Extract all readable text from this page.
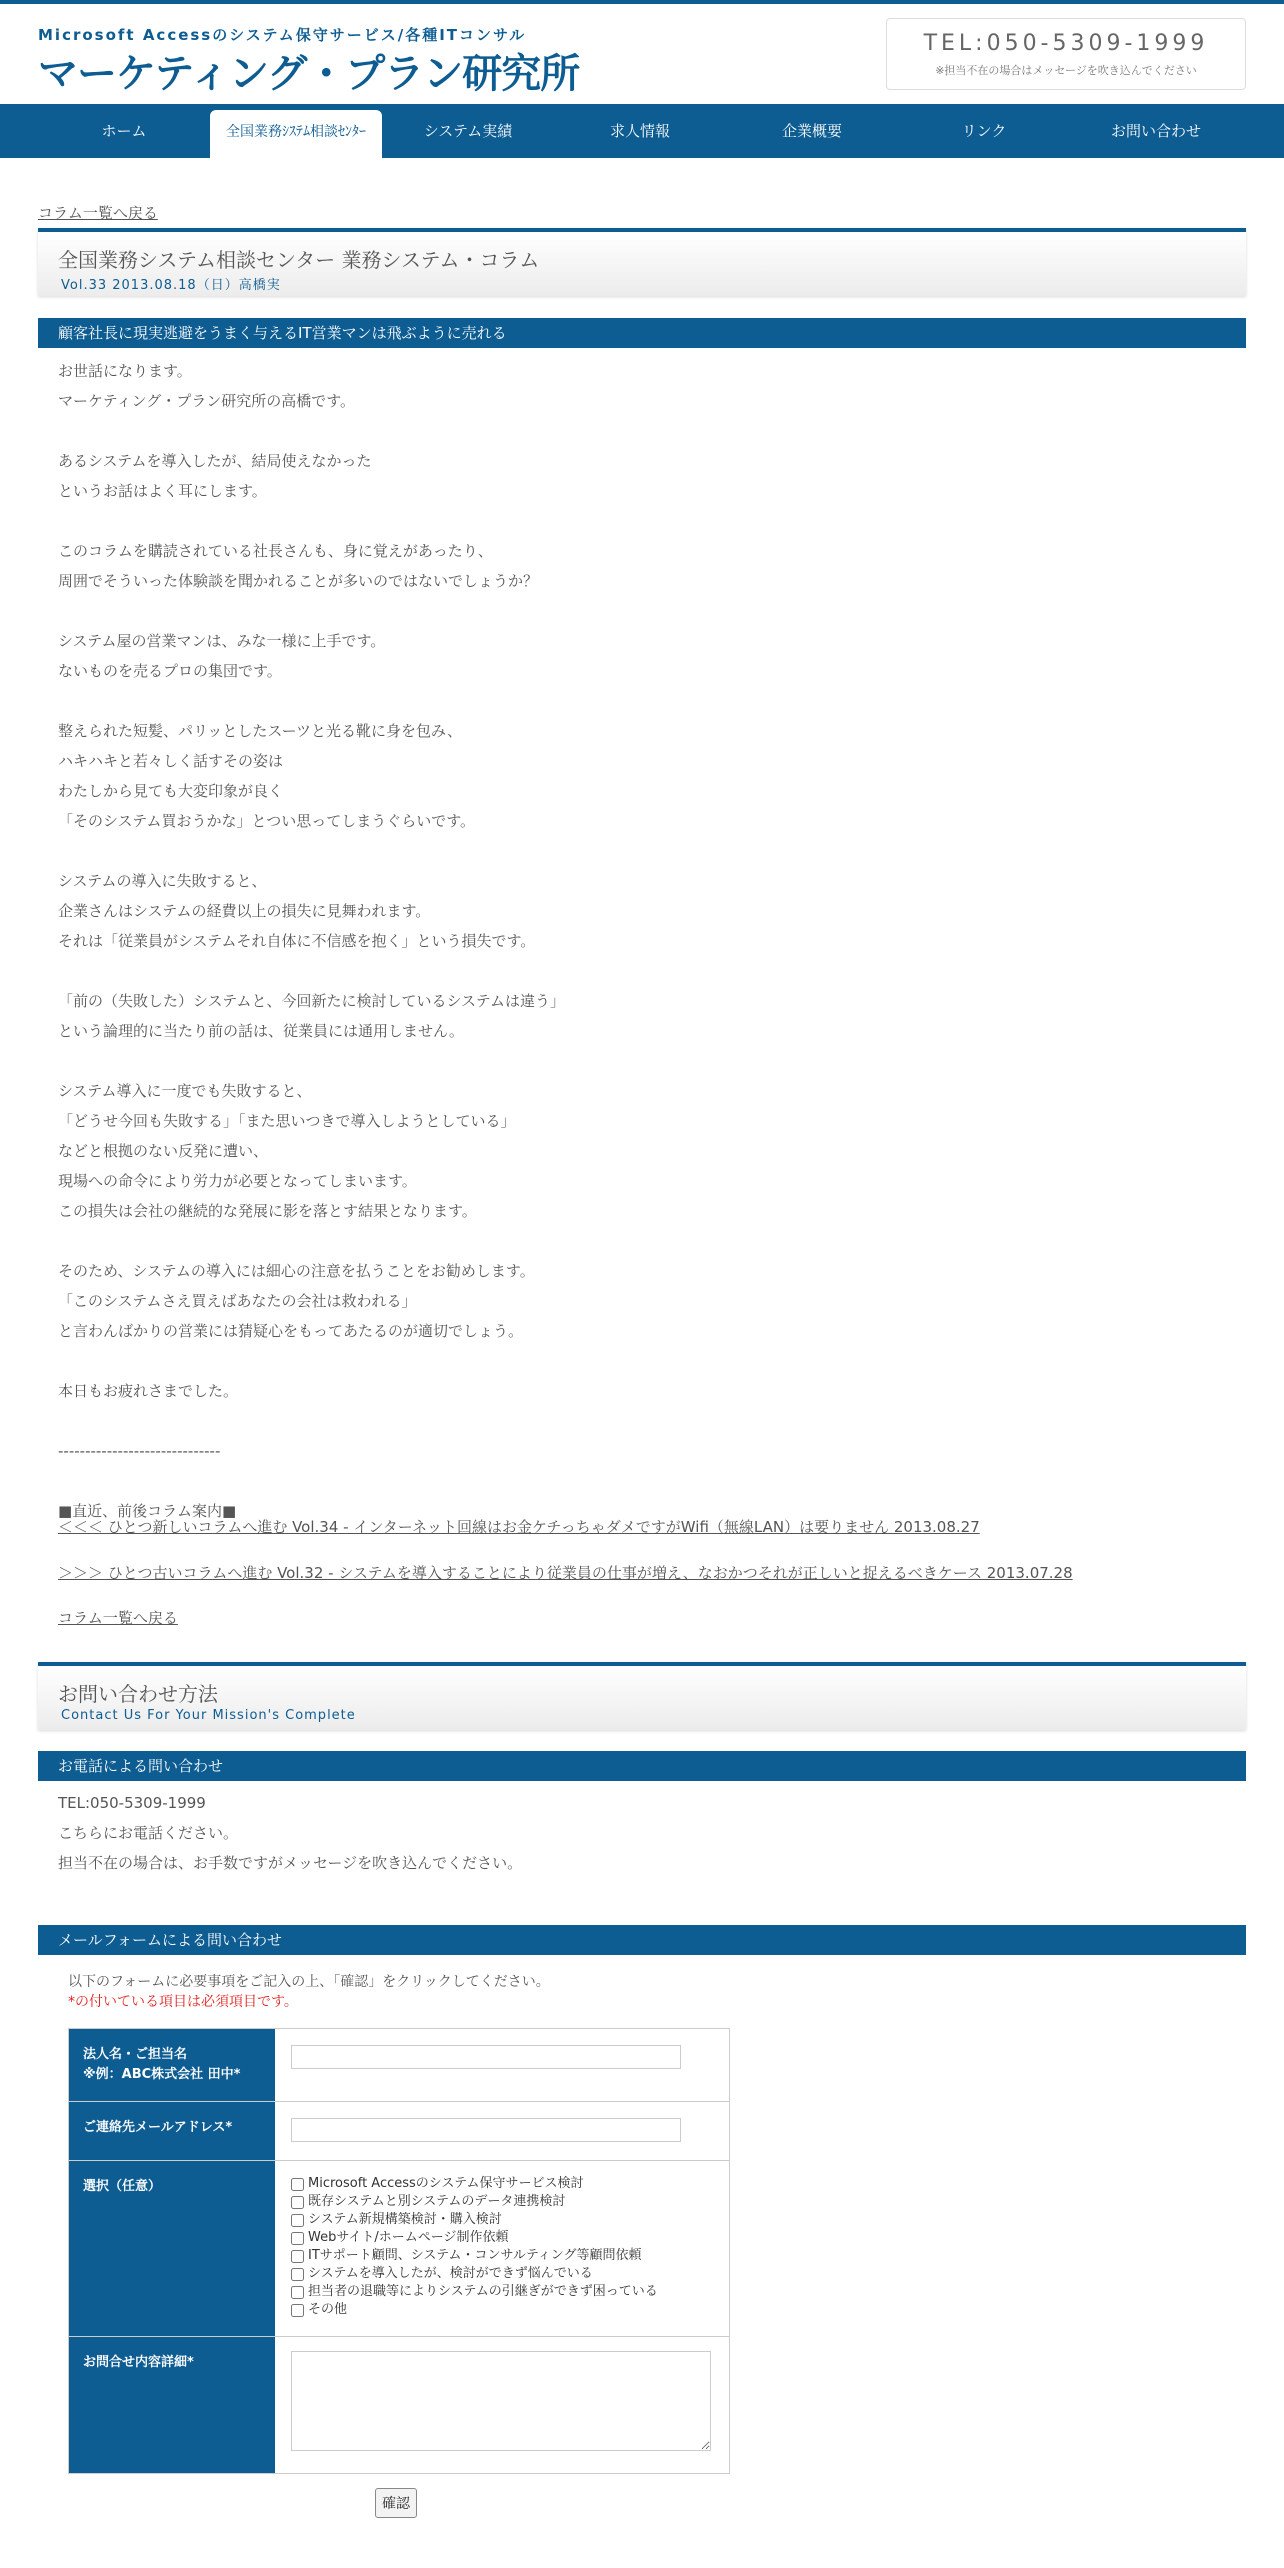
Microsoft Accessのシステム保守サービス/各種ITコンサル
マーケティング・プラン研究所
TEL:050-5309-1999
※担当不在の場合はメッセージを吹き込んでください
ホーム	全国業務ｼｽﾃﾑ相談ｾﾝﾀｰ	システム実績	求人情報	企業概要	リンク	お問い合わせ
コラム一覧へ戻る
全国業務システム相談センター 業務システム・コラム
Vol.33 2013.08.18（日）高橋実
顧客社長に現実逃避をうまく与えるIT営業マンは飛ぶように売れる
お世話になります。
マーケティング・プラン研究所の高橋です。
あるシステムを導入したが、結局使えなかった
というお話はよく耳にします。
このコラムを購読されている社長さんも、身に覚えがあったり、
周囲でそういった体験談を聞かれることが多いのではないでしょうか？
システム屋の営業マンは、みな一様に上手です。
ないものを売るプロの集団です。
整えられた短髪、パリッとしたスーツと光る靴に身を包み、
ハキハキと若々しく話すその姿は
わたしから見ても大変印象が良く
「そのシステム買おうかな」とつい思ってしまうぐらいです。
システムの導入に失敗すると、
企業さんはシステムの経費以上の損失に見舞われます。
それは「従業員がシステムそれ自体に不信感を抱く」という損失です。
「前の（失敗した）システムと、今回新たに検討しているシステムは違う」
という論理的に当たり前の話は、従業員には通用しません。
システム導入に一度でも失敗すると、
「どうせ今回も失敗する」「また思いつきで導入しようとしている」
などと根拠のない反発に遭い、
現場への命令により労力が必要となってしまいます。
この損失は会社の継続的な発展に影を落とす結果となります。
そのため、システムの導入には細心の注意を払うことをお勧めします。
「このシステムさえ買えばあなたの会社は救われる」
と言わんばかりの営業には猜疑心をもってあたるのが適切でしょう。
本日もお疲れさまでした。
------------------------------
■直近、前後コラム案内■
＜＜＜ ひとつ新しいコラムへ進む Vol.34 - インターネット回線はお金ケチっちゃダメですがWifi（無線LAN）は要りません 2013.08.27
＞＞＞ ひとつ古いコラムへ進む Vol.32 - システムを導入することにより従業員の仕事が増え、なおかつそれが正しいと捉えるべきケース 2013.07.28
コラム一覧へ戻る
お問い合わせ方法
Contact Us For Your Mission's Complete
お電話による問い合わせ
TEL:050-5309-1999
こちらにお電話ください。
担当不在の場合は、お手数ですがメッセージを吹き込んでください。
メールフォームによる問い合わせ
以下のフォームに必要事項をご記入の上、「確認」をクリックしてください。
*の付いている項目は必須項目です。
法人名・ご担当名
※例：ABC株式会社 田中*
ご連絡先メールアドレス*
選択（任意）	Microsoft Accessのシステム保守サービス検討
既存システムと別システムのデータ連携検討
システム新規構築検討・購入検討
Webサイト/ホームページ制作依頼
ITサポート顧問、システム・コンサルティング等顧問依頼
システムを導入したが、検討ができず悩んでいる
担当者の退職等によりシステムの引継ぎができず困っている
その他
お問合せ内容詳細*
確認
